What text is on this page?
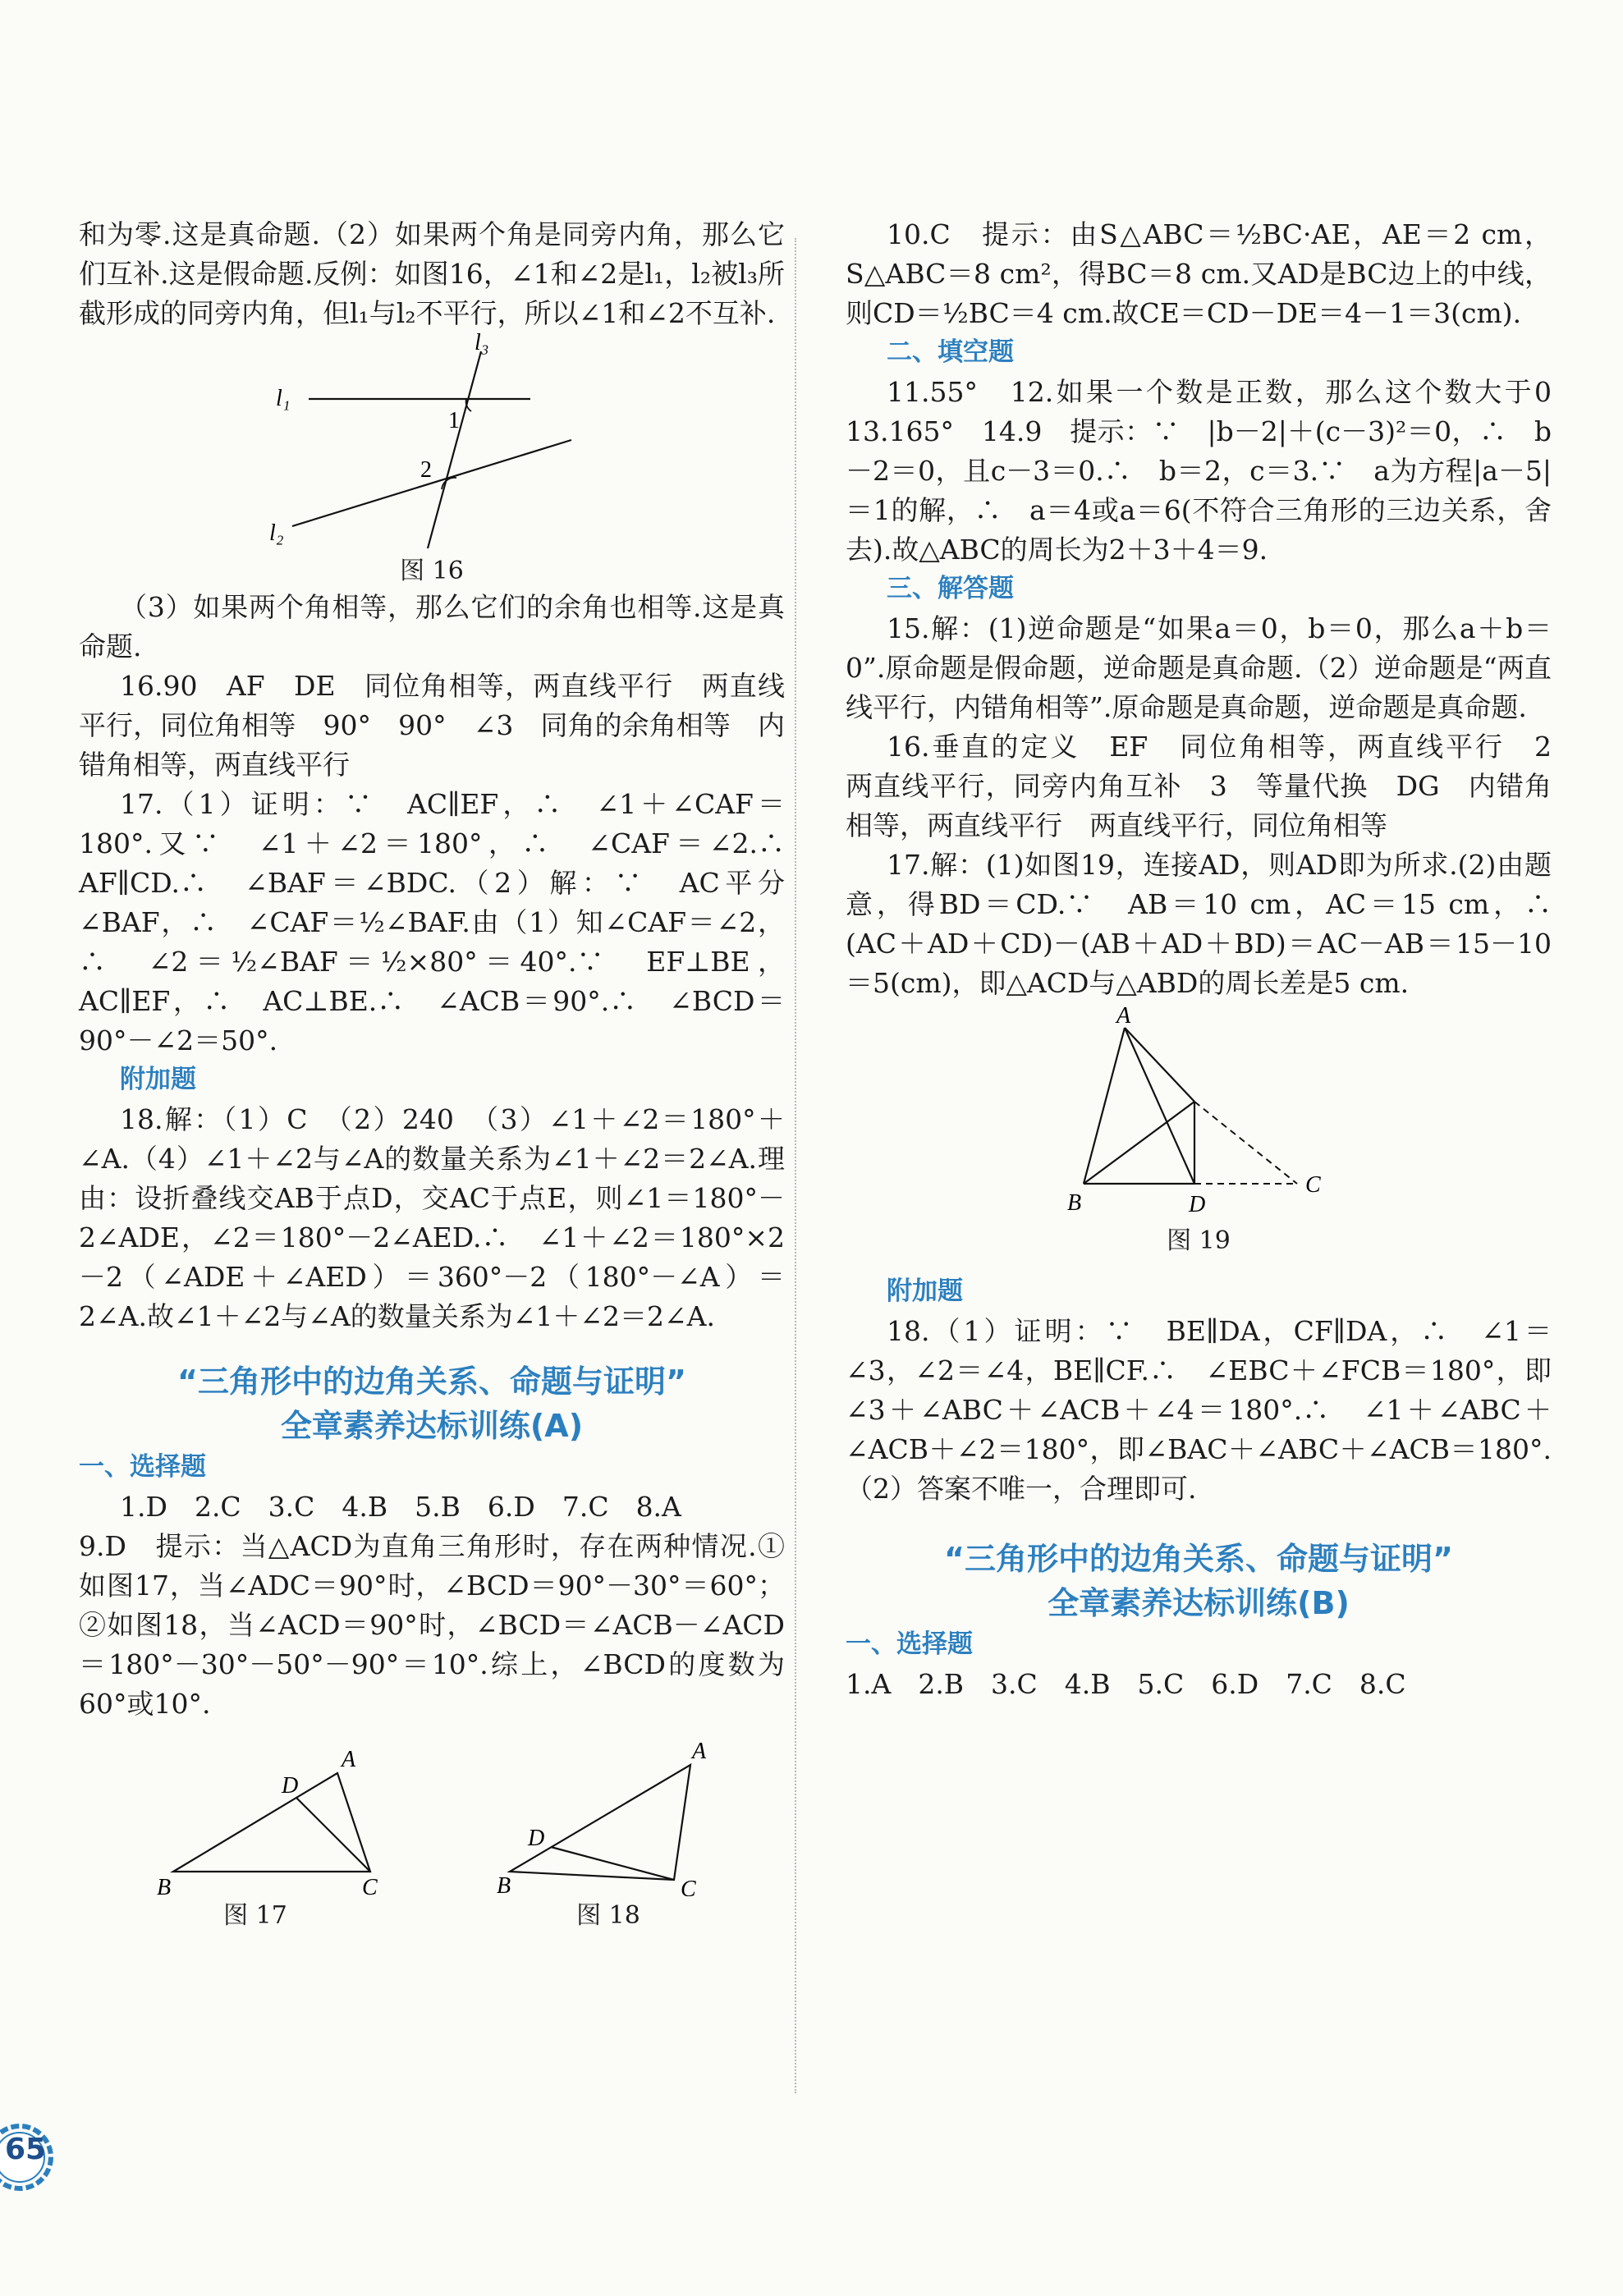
和为零.这是真命题.（2）如果两个角是同旁内角，那么它们互补.这是假命题.反例：如图16，∠1和∠2是l₁，l₂被l₃所截形成的同旁内角，但l₁与l₂不平行，所以∠1和∠2不互补.

l₃
l₁
l₂
1
2

图 16

（3）如果两个角相等，那么它们的余角也相等.这是真命题.

16.90　AF　DE　同位角相等，两直线平行　两直线平行，同位角相等　90°　90°　∠3　同角的余角相等　内错角相等，两直线平行

17.（1）证明：∵　AC∥EF，∴　∠1＋∠CAF＝180°.又∵　∠1＋∠2＝180°，∴　∠CAF＝∠2.∴　AF∥CD.∴　∠BAF＝∠BDC.（2）解：∵　AC平分∠BAF，∴　∠CAF＝½∠BAF.由（1）知∠CAF＝∠2，∴　∠2＝½∠BAF＝½×80°＝40°.∵　EF⊥BE，AC∥EF，∴　AC⊥BE.∴　∠ACB＝90°.∴　∠BCD＝90°－∠2＝50°.

附加题

18.解：（1）C　（2）240　（3）∠1＋∠2＝180°＋∠A.（4）∠1＋∠2与∠A的数量关系为∠1＋∠2＝2∠A.理由：设折叠线交AB于点D，交AC于点E，则∠1＝180°－2∠ADE，∠2＝180°－2∠AED.∴　∠1＋∠2＝180°×2－2（∠ADE＋∠AED）＝360°－2（180°－∠A）＝2∠A.故∠1＋∠2与∠A的数量关系为∠1＋∠2＝2∠A.

“三角形中的边角关系、命题与证明”

全章素养达标训练(A)

一、选择题

1.D　2.C　3.C　4.B　5.B　6.D　7.C　8.A

9.D　提示：当△ACD为直角三角形时，存在两种情况.①如图17，当∠ADC＝90°时，∠BCD＝90°－30°＝60°；②如图18，当∠ACD＝90°时，∠BCD＝∠ACB－∠ACD＝180°－30°－50°－90°＝10°.综上，∠BCD的度数为60°或10°.

A
D
B	C

图 17

A
D
B	C

图 18

10.C　提示：由S△ABC＝½BC·AE，AE＝2 cm，S△ABC＝8 cm²，得BC＝8 cm.又AD是BC边上的中线，则CD＝½BC＝4 cm.故CE＝CD－DE＝4－1＝3(cm).

二、填空题

11.55°　12.如果一个数是正数，那么这个数大于0　13.165°　14.9　提示：∵　|b－2|＋(c－3)²＝0，∴　b－2＝0，且c－3＝0.∴　b＝2，c＝3.∵　a为方程|a－5|＝1的解，∴　a＝4或a＝6(不符合三角形的三边关系，舍去).故△ABC的周长为2＋3＋4＝9.

三、解答题

15.解：(1)逆命题是“如果a＝0，b＝0，那么a＋b＝0”.原命题是假命题，逆命题是真命题.（2）逆命题是“两直线平行，内错角相等”.原命题是真命题，逆命题是真命题.

16.垂直的定义　EF　同位角相等，两直线平行　2　两直线平行，同旁内角互补　3　等量代换　DG　内错角相等，两直线平行　两直线平行，同位角相等

17.解：(1)如图19，连接AD，则AD即为所求.(2)由题意，得BD＝CD.∵　AB＝10 cm，AC＝15 cm，∴　(AC＋AD＋CD)－(AB＋AD＋BD)＝AC－AB＝15－10＝5(cm)，即△ACD与△ABD的周长差是5 cm.

A
B	D
C

图 19

附加题

18.（1）证明：∵　BE∥DA，CF∥DA，∴　∠1＝∠3，∠2＝∠4，BE∥CF.∴　∠EBC＋∠FCB＝180°，即∠3＋∠ABC＋∠ACB＋∠4＝180°.∴　∠1＋∠ABC＋∠ACB＋∠2＝180°，即∠BAC＋∠ABC＋∠ACB＝180°.（2）答案不唯一，合理即可.

“三角形中的边角关系、命题与证明”

全章素养达标训练(B)

一、选择题

1.A　2.B　3.C　4.B　5.C　6.D　7.C　8.C

65
